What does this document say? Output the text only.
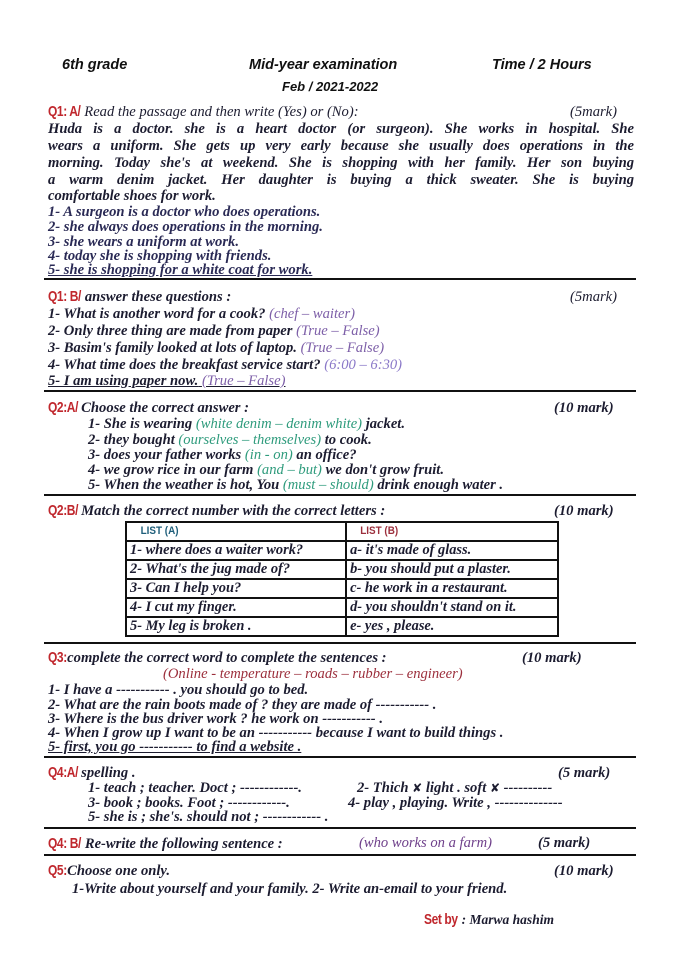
6th grade	Mid-year examination	Time / 2 Hours
Feb / 2021-2022
Q1: A/ Read the passage and then write (Yes) or (No):	(5mark)
Huda is a doctor. she is a heart doctor (or surgeon). She works in hospital. She
wears a uniform. She gets up very early because she usually does operations in the
morning. Today she's at weekend. She is shopping with her family. Her son buying
a warm denim jacket. Her daughter is buying a thick sweater. She is buying
comfortable shoes for work.
1- A surgeon is a doctor who does operations.
2- she always does operations in the morning.
3- she wears a uniform at work.
4- today she is shopping with friends.
5- she is shopping for a white coat for work.
Q1: B/ answer these questions :	(5mark)
1- What is another word for a cook? (chef – waiter)
2- Only three thing are made from paper (True – False)
3- Basim's family looked at lots of laptop. (True – False)
4- What time does the breakfast service start? (6:00 – 6:30)
5- I am using paper now. (True – False)
Q2:A/ Choose the correct answer :	(10 mark)
1- She is wearing (white denim – denim white) jacket.
2- they bought (ourselves – themselves) to cook.
3- does your father works (in - on) an office?
4- we grow rice in our farm (and – but) we don't grow fruit.
5- When the weather is hot, You (must – should) drink enough water .
Q2:B/ Match the correct number with the correct letters :	(10 mark)
LIST (A)	LIST (B)
1- where does a waiter work?	a- it's made of glass.
2- What's the jug made of?	b- you should put a plaster.
3- Can I help you?	c- he work in a restaurant.
4- I cut my finger.	d- you shouldn't stand on it.
5- My leg is broken .	e- yes , please.
Q3: complete the correct word to complete the sentences :	(10 mark)
(Online - temperature – roads – rubber – engineer)
1- I have a ----------- . you should go to bed.
2- What are the rain boots made of ? they are made of ----------- .
3- Where is the bus driver work ? he work on ----------- .
4- When I grow up I want to be an ----------- because I want to build things .
5- first, you go ----------- to find a website .
Q4:A/ spelling .	(5 mark)
1- teach ; teacher. Doct ; ------------.	2- Thich ✘ light . soft ✘ ----------
3- book ; books. Foot ; ------------.	4- play , playing. Write , --------------
5- she is ; she's. should not ; ------------ .
Q4: B/ Re-write the following sentence :	(who works on a farm)	(5 mark)
Q5: Choose one only.	(10 mark)
1-Write about yourself and your family. 2- Write an-email to your friend.
Set by : Marwa hashim
